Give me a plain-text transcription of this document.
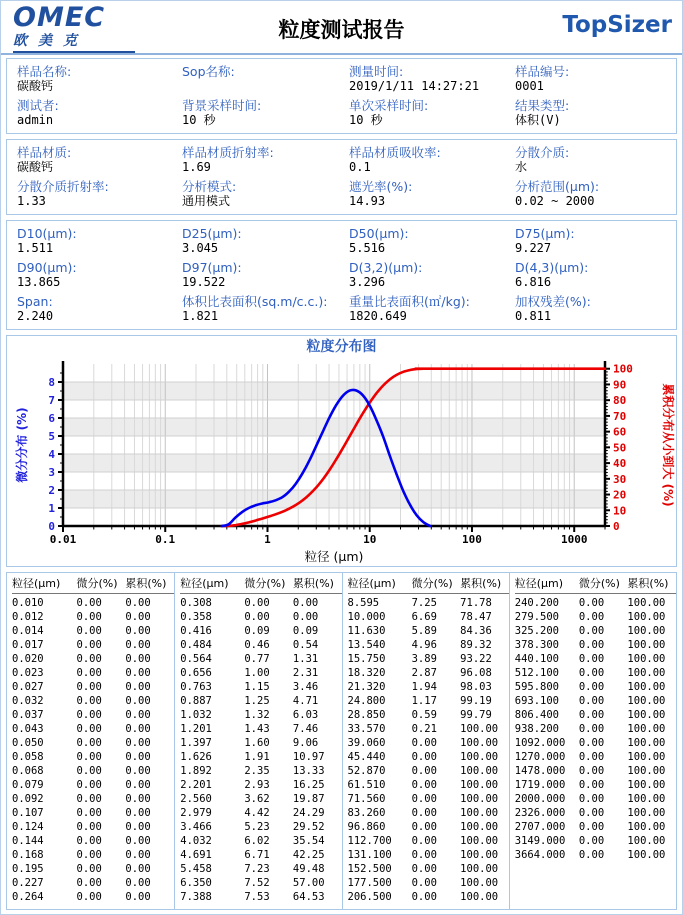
OMEC
欧美克	粒度测试报告	TopSizer
样品名称:
碳酸钙
Sop名称:	测量时间:
2019/1/11 14:27:21
样品编号:
0001
测试者:
admin
背景采样时间:
10 秒
单次采样时间:
10 秒
结果类型:
体积(V)
样品材质:
碳酸钙
样品材质折射率:
1.69
样品材质吸收率:
0.1
分散介质:
水
分散介质折射率:
1.33
分析模式:
通用模式
遮光率(%):
14.93
分析范围(μm):
0.02 ~ 2000
D10(μm):
1.511
D25(μm):
3.045
D50(μm):
5.516
D75(μm):
9.227
D90(μm):
13.865
D97(μm):
19.522
D(3,2)(μm):
3.296
D(4,3)(μm):
6.816
Span:
2.240
体积比表面积(sq.m/c.c.):
1.821
重量比表面积(㎡/kg):
1820.649
加权残差(%):
0.811
粒度分布图
0
1
2
3
4
5
6
7
8
0
10
20
30
40
50
60
70
80
90
100
0.01	0.1	1	10	100	1000
粒径 (μm)
微分分布 (%)	累积分布从小到大 (%)
粒径(μm)	微分(%) 累积(%)
0.010	0.00	0.00
0.012	0.00	0.00
0.014	0.00	0.00
0.017	0.00	0.00
0.020	0.00	0.00
0.023	0.00	0.00
0.027	0.00	0.00
0.032	0.00	0.00
0.037	0.00	0.00
0.043	0.00	0.00
0.050	0.00	0.00
0.058	0.00	0.00
0.068	0.00	0.00
0.079	0.00	0.00
0.092	0.00	0.00
0.107	0.00	0.00
0.124	0.00	0.00
0.144	0.00	0.00
0.168	0.00	0.00
0.195	0.00	0.00
0.227	0.00	0.00
0.264	0.00	0.00
粒径(μm)	微分(%) 累积(%)
0.308	0.00	0.00
0.358	0.00	0.00
0.416	0.09	0.09
0.484	0.46	0.54
0.564	0.77	1.31
0.656	1.00	2.31
0.763	1.15	3.46
0.887	1.25	4.71
1.032	1.32	6.03
1.201	1.43	7.46
1.397	1.60	9.06
1.626	1.91	10.97
1.892	2.35	13.33
2.201	2.93	16.25
2.560	3.62	19.87
2.979	4.42	24.29
3.466	5.23	29.52
4.032	6.02	35.54
4.691	6.71	42.25
5.458	7.23	49.48
6.350	7.52	57.00
7.388	7.53	64.53
粒径(μm)	微分(%) 累积(%)
8.595	7.25	71.78
10.000	6.69	78.47
11.630	5.89	84.36
13.540	4.96	89.32
15.750	3.89	93.22
18.320	2.87	96.08
21.320	1.94	98.03
24.800	1.17	99.19
28.850	0.59	99.79
33.570	0.21	100.00
39.060	0.00	100.00
45.440	0.00	100.00
52.870	0.00	100.00
61.510	0.00	100.00
71.560	0.00	100.00
83.260	0.00	100.00
96.860	0.00	100.00
112.700	0.00	100.00
131.100	0.00	100.00
152.500	0.00	100.00
177.500	0.00	100.00
206.500	0.00	100.00
粒径(μm)	微分(%) 累积(%)
240.200	0.00	100.00
279.500	0.00	100.00
325.200	0.00	100.00
378.300	0.00	100.00
440.100	0.00	100.00
512.100	0.00	100.00
595.800	0.00	100.00
693.100	0.00	100.00
806.400	0.00	100.00
938.200	0.00	100.00
1092.000	0.00	100.00
1270.000	0.00	100.00
1478.000	0.00	100.00
1719.000	0.00	100.00
2000.000	0.00	100.00
2326.000	0.00	100.00
2707.000	0.00	100.00
3149.000	0.00	100.00
3664.000	0.00	100.00
